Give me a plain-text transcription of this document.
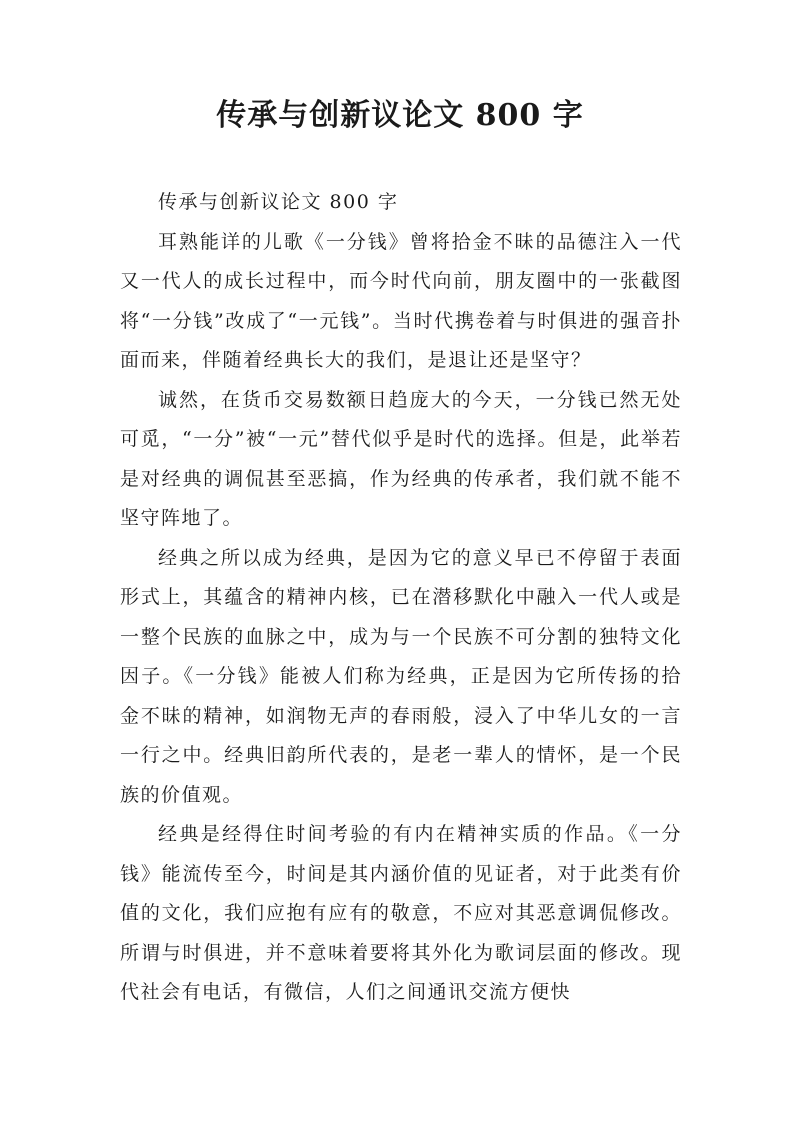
传承与创新议论文 800 字

传承与创新议论文 800 字

耳熟能详的儿歌《一分钱》曾将拾金不昧的品德注入一代又一代人的成长过程中，而今时代向前，朋友圈中的一张截图将“一分钱”改成了“一元钱”。当时代携卷着与时俱进的强音扑面而来，伴随着经典长大的我们，是退让还是坚守？

诚然，在货币交易数额日趋庞大的今天，一分钱已然无处可觅，“一分”被“一元”替代似乎是时代的选择。但是，此举若是对经典的调侃甚至恶搞，作为经典的传承者，我们就不能不坚守阵地了。

经典之所以成为经典，是因为它的意义早已不停留于表面形式上，其蕴含的精神内核，已在潜移默化中融入一代人或是一整个民族的血脉之中，成为与一个民族不可分割的独特文化因子。《一分钱》能被人们称为经典，正是因为它所传扬的拾金不昧的精神，如润物无声的春雨般，浸入了中华儿女的一言一行之中。经典旧韵所代表的，是老一辈人的情怀，是一个民族的价值观。

经典是经得住时间考验的有内在精神实质的作品。《一分钱》能流传至今，时间是其内涵价值的见证者，对于此类有价值的文化，我们应抱有应有的敬意，不应对其恶意调侃修改。所谓与时俱进，并不意味着要将其外化为歌词层面的修改。现代社会有电话，有微信，人们之间通讯交流方便快
